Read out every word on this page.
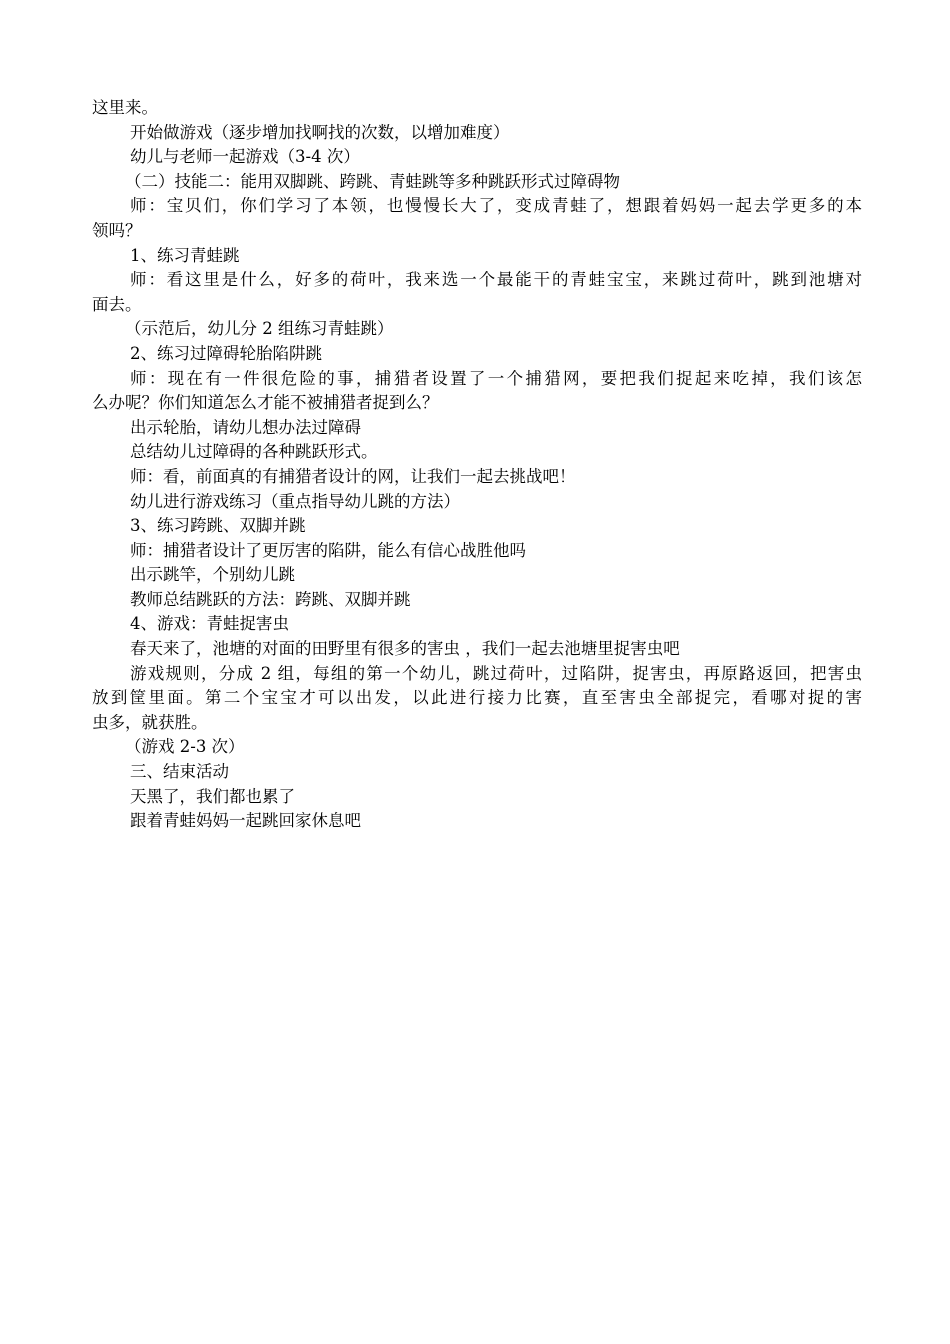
这里来。
开始做游戏（逐步增加找啊找的次数，以增加难度）
幼儿与老师一起游戏（3-4 次）
（二）技能二：能用双脚跳、跨跳、青蛙跳等多种跳跃形式过障碍物
师：宝贝们，你们学习了本领，也慢慢长大了，变成青蛙了，想跟着妈妈一起去学更多的本
领吗？
1、练习青蛙跳
师：看这里是什么，好多的荷叶，我来选一个最能干的青蛙宝宝，来跳过荷叶，跳到池塘对
面去。
（示范后，幼儿分 2 组练习青蛙跳）
2、练习过障碍轮胎陷阱跳
师：现在有一件很危险的事，捕猎者设置了一个捕猎网，要把我们捉起来吃掉，我们该怎
么办呢？你们知道怎么才能不被捕猎者捉到么？
出示轮胎，请幼儿想办法过障碍
总结幼儿过障碍的各种跳跃形式。
师：看，前面真的有捕猎者设计的网，让我们一起去挑战吧！
幼儿进行游戏练习（重点指导幼儿跳的方法）
3、练习跨跳、双脚并跳
师：捕猎者设计了更厉害的陷阱，能么有信心战胜他吗
出示跳竿，个别幼儿跳
教师总结跳跃的方法：跨跳、双脚并跳
4、游戏：青蛙捉害虫
春天来了，池塘的对面的田野里有很多的害虫 ，我们一起去池塘里捉害虫吧
游戏规则，分成 2 组，每组的第一个幼儿，跳过荷叶，过陷阱，捉害虫，再原路返回，把害虫
放到筐里面。第二个宝宝才可以出发，以此进行接力比赛，直至害虫全部捉完，看哪对捉的害
虫多，就获胜。
（游戏 2-3 次）
三、结束活动
天黑了，我们都也累了
跟着青蛙妈妈一起跳回家休息吧
